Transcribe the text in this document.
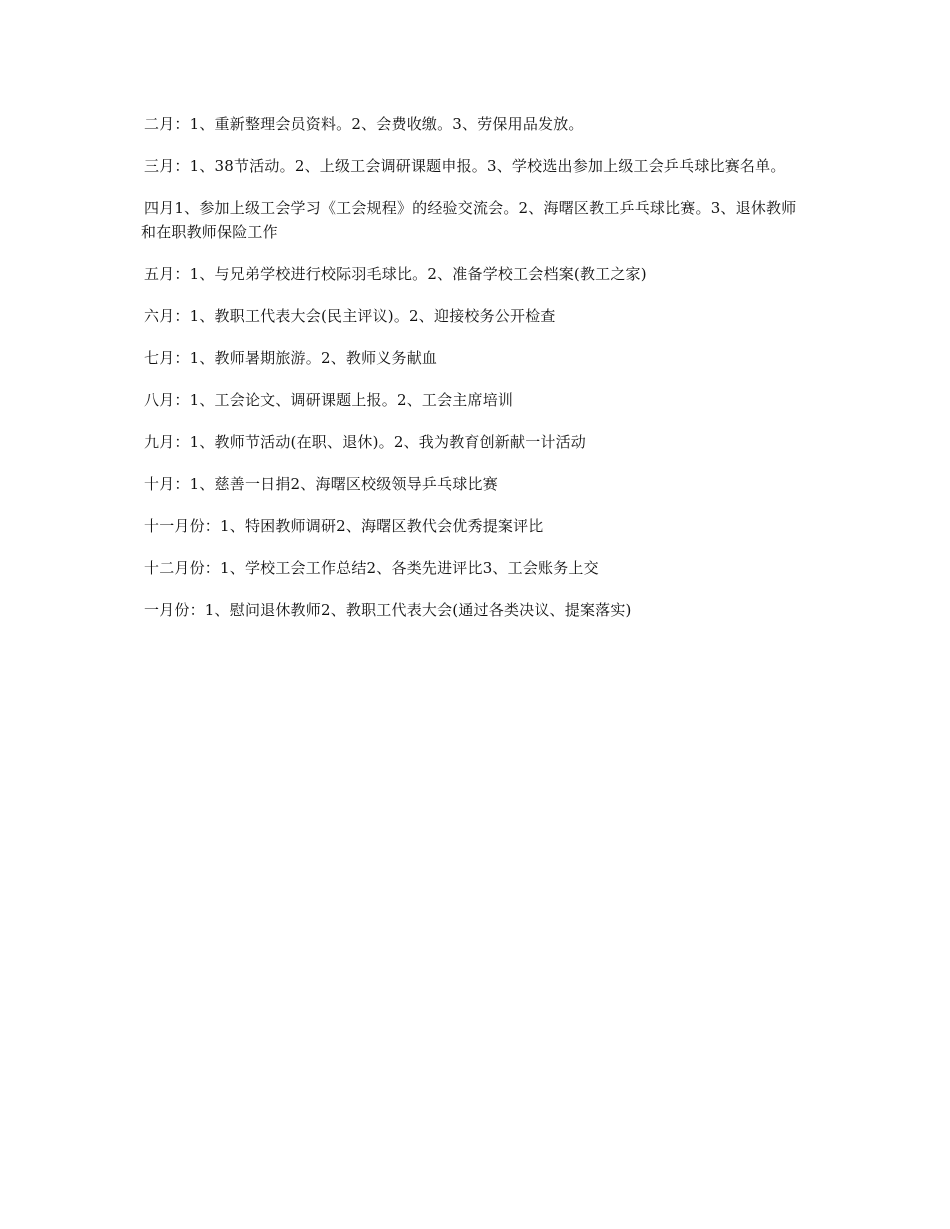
二月：1、重新整理会员资料。2、会费收缴。3、劳保用品发放。

三月：1、38节活动。2、上级工会调研课题申报。3、学校选出参加上级工会乒乓球比赛名单。

四月1、参加上级工会学习《工会规程》的经验交流会。2、海曙区教工乒乓球比赛。3、退休教师和在职教师保险工作

五月：1、与兄弟学校进行校际羽毛球比。2、准备学校工会档案(教工之家)

六月：1、教职工代表大会(民主评议)。2、迎接校务公开检查

七月：1、教师暑期旅游。2、教师义务献血

八月：1、工会论文、调研课题上报。2、工会主席培训

九月：1、教师节活动(在职、退休)。2、我为教育创新献一计活动

十月：1、慈善一日捐2、海曙区校级领导乒乓球比赛

十一月份：1、特困教师调研2、海曙区教代会优秀提案评比

十二月份：1、学校工会工作总结2、各类先进评比3、工会账务上交

一月份：1、慰问退休教师2、教职工代表大会(通过各类决议、提案落实)
